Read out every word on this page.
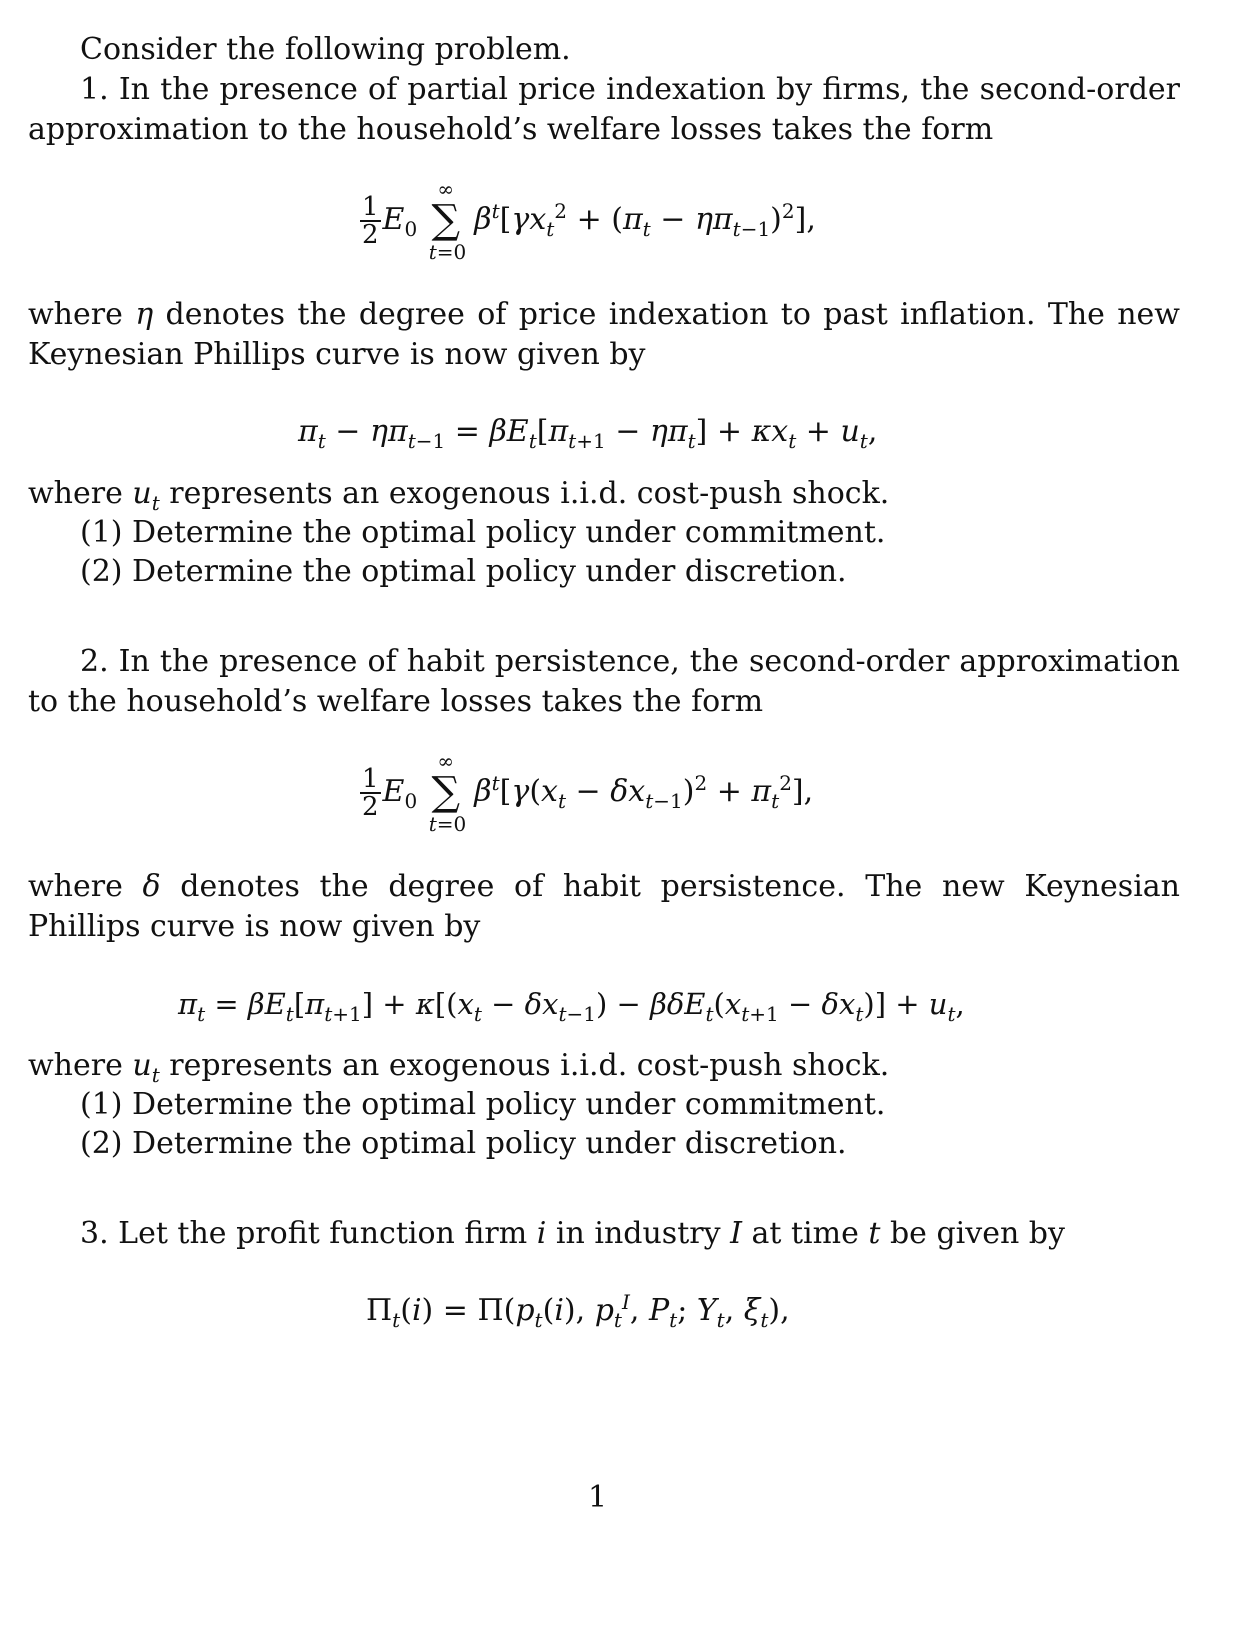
Consider the following problem.

1. In the presence of partial price indexation by firms, the second-order approximation to the household’s welfare losses takes the form

$\frac{1}{2} E_0$
∞
∑
t=0
$\beta^t[\gamma x_t^2 + (\pi_t - \eta\pi_{t-1})^2]$,

where η denotes the degree of price indexation to past inflation. The new Keynesian Phillips curve is now given by

$\pi_t - \eta\pi_{t-1} = \beta E_t[\pi_{t+1} - \eta\pi_t] + \kappa x_t + u_t$,
where $u_t$ represents an exogenous i.i.d. cost-push shock.
(1) Determine the optimal policy under commitment.
(2) Determine the optimal policy under discretion.

2. In the presence of habit persistence, the second-order approximation to the household’s welfare losses takes the form

$\frac{1}{2} E_0$
∞
∑
t=0
$\beta^t[\gamma(x_t - \delta x_{t-1})^2 + \pi_t^2]$,

where δ denotes the degree of habit persistence. The new Keynesian Phillips curve is now given by

$\pi_t = \beta E_t[\pi_{t+1}] + \kappa[(x_t - \delta x_{t-1}) - \beta\delta E_t(x_{t+1} - \delta x_t)] + u_t$,
where $u_t$ represents an exogenous i.i.d. cost-push shock.
(1) Determine the optimal policy under commitment.
(2) Determine the optimal policy under discretion.
3. Let the profit function firm i in industry I at time t be given by
$\Pi_t(i) = \Pi(p_t(i)$, $p_t^I$, $P_t$; $Y_t$, $\xi_t$),
1
